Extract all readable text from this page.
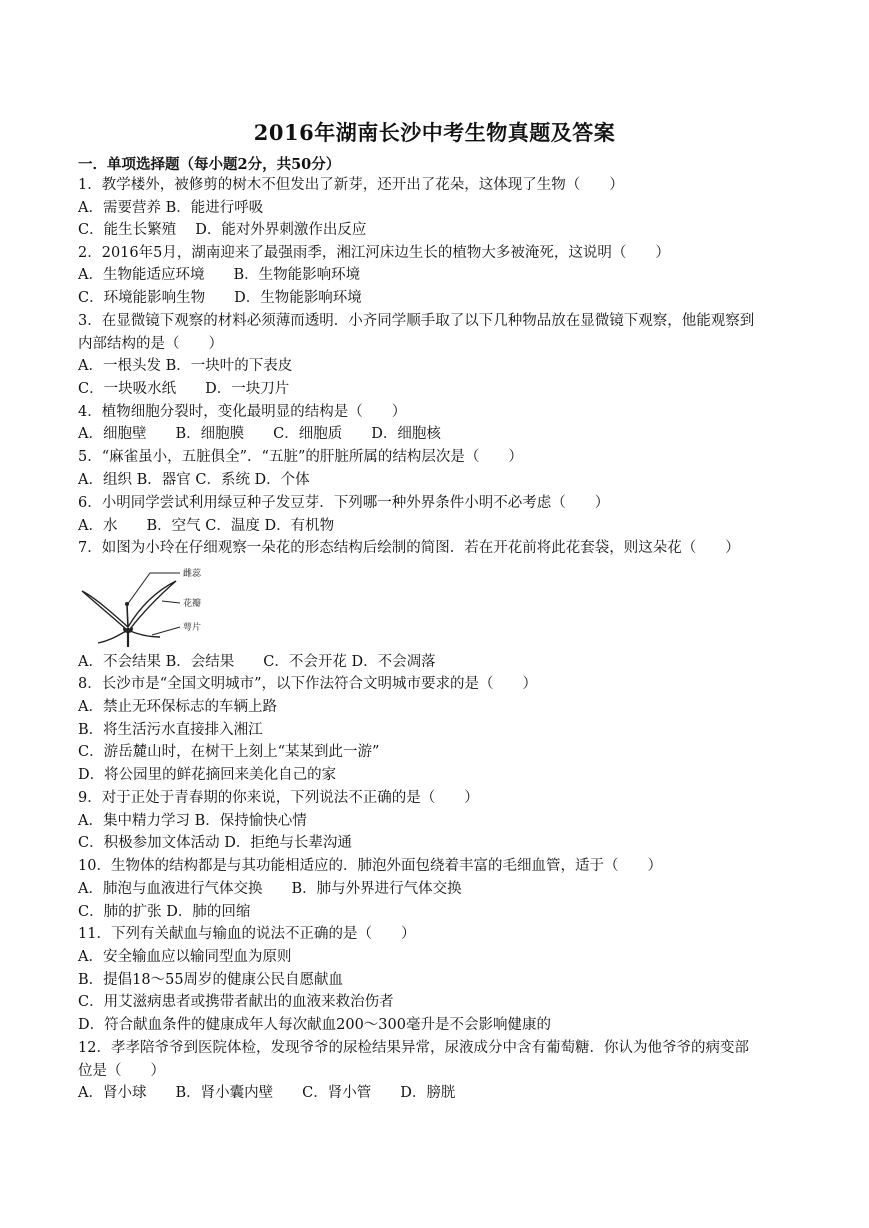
2016年湖南长沙中考生物真题及答案
一．单项选择题（每小题2分，共50分）
1．教学楼外，被修剪的树木不但发出了新芽，还开出了花朵，这体现了生物（　　）
A．需要营养 B．能进行呼吸
C．能生长繁殖　 D．能对外界刺激作出反应
2．2016年5月，湖南迎来了最强雨季，湘江河床边生长的植物大多被淹死，这说明（　　）
A．生物能适应环境　　B．生物能影响环境
C．环境能影响生物　　D．生物能影响环境
3．在显微镜下观察的材料必须薄而透明．小齐同学顺手取了以下几种物品放在显微镜下观察，他能观察到
内部结构的是（　　）
A．一根头发 B．一块叶的下表皮
C．一块吸水纸　　D．一块刀片
4．植物细胞分裂时，变化最明显的结构是（　　）
A．细胞壁　　B．细胞膜　　C．细胞质　　D．细胞核
5．“麻雀虽小，五脏俱全”．“五脏”的肝脏所属的结构层次是（　　）
A．组织 B．器官 C．系统 D．个体
6．小明同学尝试利用绿豆种子发豆芽．下列哪一种外界条件小明不必考虑（　　）
A．水　　B．空气 C．温度 D．有机物
7．如图为小玲在仔细观察一朵花的形态结构后绘制的简图．若在开花前将此花套袋，则这朵花（　　）
A．不会结果 B．会结果　　C．不会开花 D．不会凋落
8．长沙市是“全国文明城市”，以下作法符合文明城市要求的是（　　）
A．禁止无环保标志的车辆上路
B．将生活污水直接排入湘江
C．游岳麓山时，在树干上刻上“某某到此一游”
D．将公园里的鲜花摘回来美化自己的家
9．对于正处于青春期的你来说，下列说法不正确的是（　　）
A．集中精力学习 B．保持愉快心情
C．积极参加文体活动 D．拒绝与长辈沟通
10．生物体的结构都是与其功能相适应的．肺泡外面包绕着丰富的毛细血管，适于（　　）
A．肺泡与血液进行气体交换　　B．肺与外界进行气体交换
C．肺的扩张 D．肺的回缩
11．下列有关献血与输血的说法不正确的是（　　）
A．安全输血应以输同型血为原则
B．提倡18～55周岁的健康公民自愿献血
C．用艾滋病患者或携带者献出的血液来救治伤者
D．符合献血条件的健康成年人每次献血200～300毫升是不会影响健康的
12．孝孝陪爷爷到医院体检，发现爷爷的尿检结果异常，尿液成分中含有葡萄糖．你认为他爷爷的病变部
位是（　　）
A．肾小球　　B．肾小囊内壁　　C．肾小管　　D．膀胱
雌蕊
花瓣
萼片
